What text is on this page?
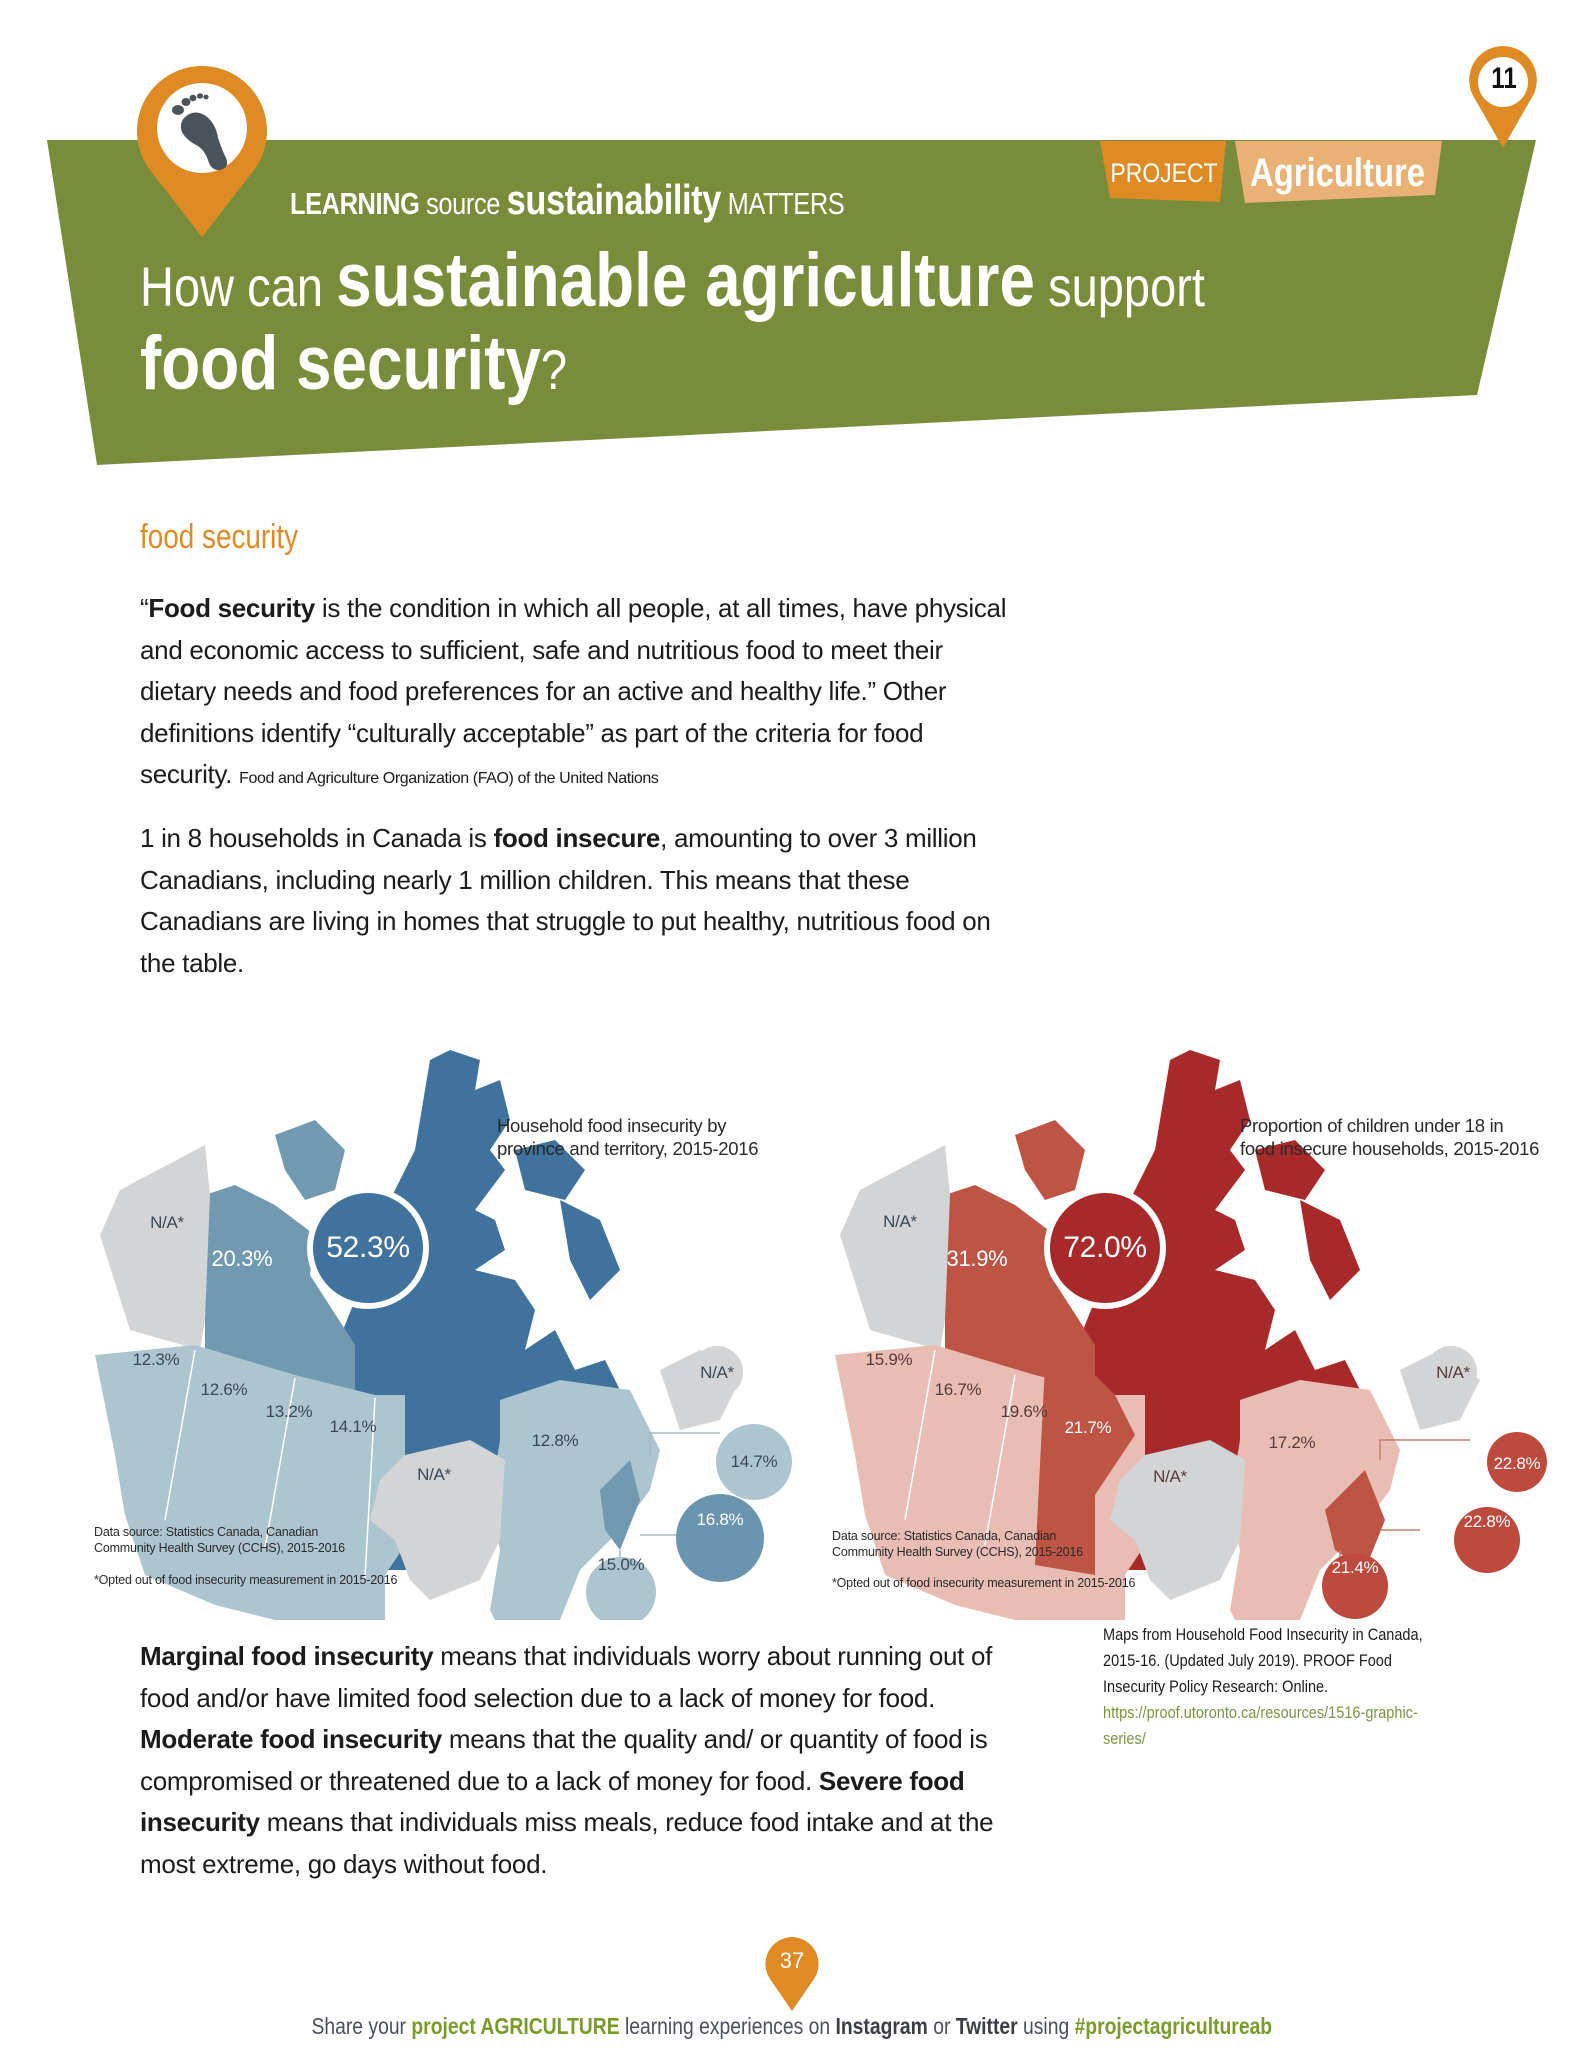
11
LEARNING source sustainability MATTERS
How can sustainable agriculture support
food security?
PROJECT Agriculture
food security
“Food security is the condition in which all people, at all times, have physical and economic access to sufficient, safe and nutritious food to meet their dietary needs and food preferences for an active and healthy life.” Other definitions identify “culturally acceptable” as part of the criteria for food security. Food and Agriculture Organization (FAO) of the United Nations
1 in 8 households in Canada is food insecure, amounting to over 3 million Canadians, including nearly 1 million children. This means that these Canadians are living in homes that struggle to put healthy, nutritious food on the table.
Household food insecurity by
province and territory, 2015-2016
N/A*
20.3% 52.3%
12.3%
12.6%
13.2%
14.1%
N/A*
12.8%
N/A*
14.7%
16.8%
15.0%
Data source: Statistics Canada, Canadian
Community Health Survey (CCHS), 2015-2016
*Opted out of food insecurity measurement in 2015-2016
Proportion of children under 18 in
food insecure households, 2015-2016
N/A*
31.9% 72.0%
15.9%
16.7%
19.6%
21.7%
N/A*
17.2%
N/A*
22.8%
22.8%
21.4%
Data source: Statistics Canada, Canadian
Community Health Survey (CCHS), 2015-2016
*Opted out of food insecurity measurement in 2015-2016
Maps from Household Food Insecurity in Canada, 2015-16. (Updated July 2019). PROOF Food Insecurity Policy Research: Online. https://proof.utoronto.ca/resources/1516-graphic-series/
Marginal food insecurity means that individuals worry about running out of food and/or have limited food selection due to a lack of money for food. Moderate food insecurity means that the quality and/ or quantity of food is compromised or threatened due to a lack of money for food. Severe food insecurity means that individuals miss meals, reduce food intake and at the most extreme, go days without food.
37
Share your project AGRICULTURE learning experiences on Instagram or Twitter using #projectagricultureab
